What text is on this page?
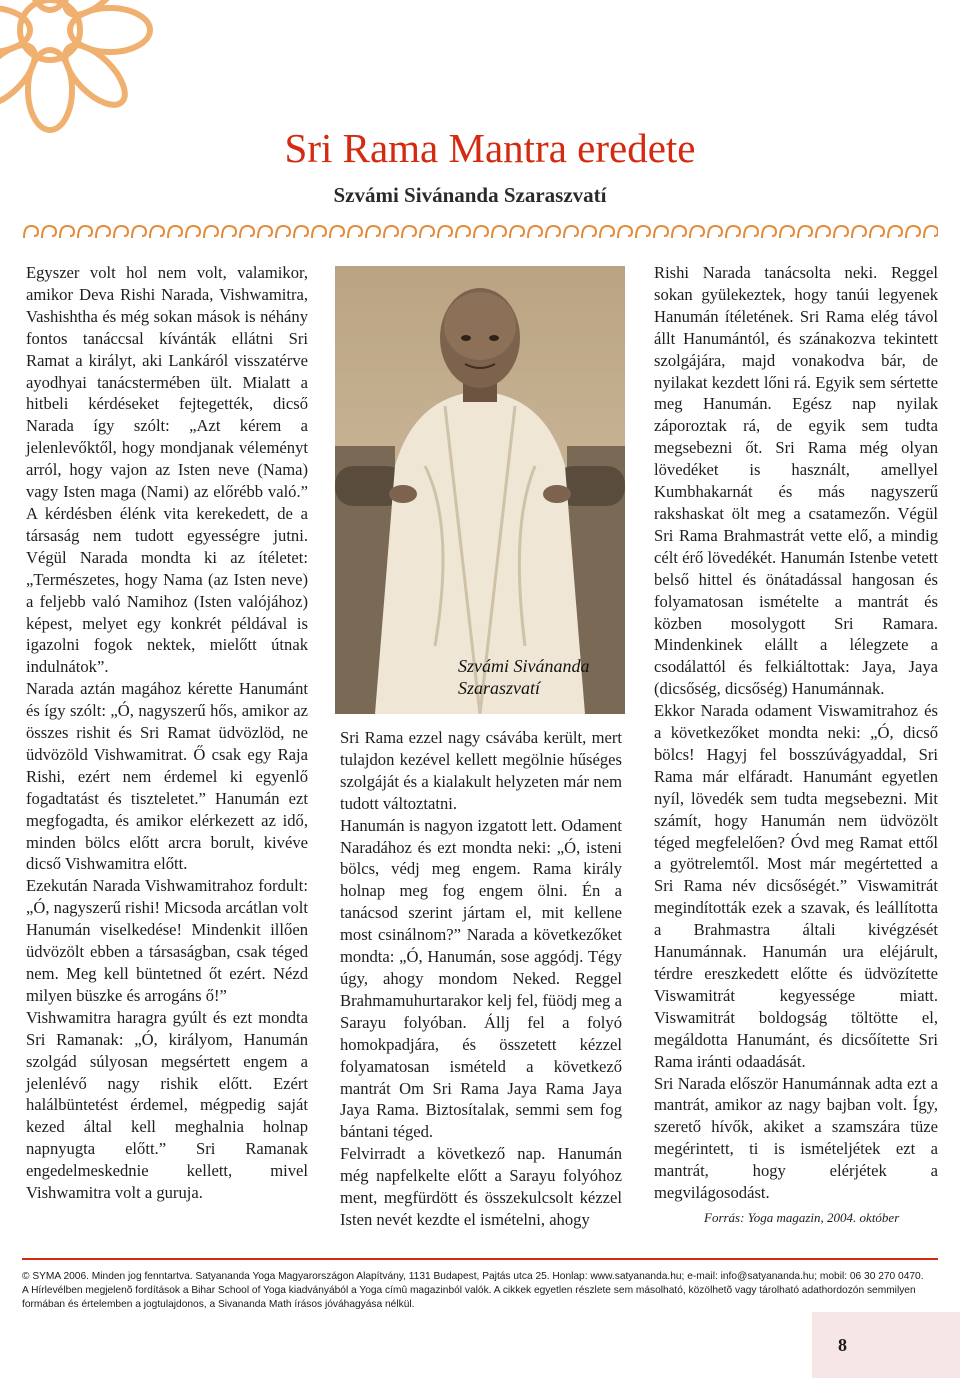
Sri Rama Mantra eredete
Szvámi Sivánanda Szaraszvatí

Egyszer volt hol nem volt, valamikor, amikor Deva Rishi Narada, Vishwamitra, Vashishtha és még sokan mások is néhány fontos tanáccsal kívánták ellátni Sri Ramat a királyt, aki Lankáról visszatérve ayodhyai tanácstermében ült. Mialatt a hitbeli kérdéseket fejtegették, dicső Narada így szólt: „Azt kérem a jelenlevőktől, hogy mondjanak véleményt arról, hogy vajon az Isten neve (Nama) vagy Isten maga (Nami) az előrébb való.” A kérdésben élénk vita kerekedett, de a társaság nem tudott egyességre jutni. Végül Narada mondta ki az ítéletet: „Természetes, hogy Nama (az Isten neve) a feljebb való Namihoz (Isten valójához) képest, melyet egy konkrét példával is igazolni fogok nektek, mielőtt útnak indulnátok”.

Narada aztán magához kérette Hanumánt és így szólt: „Ó, nagyszerű hős, amikor az összes rishit és Sri Ramat üdvözlöd, ne üdvözöld Vishwamitrat. Ő csak egy Raja Rishi, ezért nem érdemel ki egyenlő fogadtatást és tiszteletet.” Hanumán ezt megfogadta, és amikor elérkezett az idő, minden bölcs előtt arcra borult, kivéve dicső Vishwamitra előtt.

Ezekután Narada Vishwamitrahoz fordult: „Ó, nagyszerű rishi! Micsoda arcátlan volt Hanumán viselkedése! Mindenkit illően üdvözölt ebben a társaságban, csak téged nem. Meg kell büntetned őt ezért. Nézd milyen büszke és arrogáns ő!”

Vishwamitra haragra gyúlt és ezt mondta Sri Ramanak: „Ó, királyom, Hanumán szolgád súlyosan megsértett engem a jelenlévő nagy rishik előtt. Ezért halálbüntetést érdemel, mégpedig saját kezed által kell meghalnia holnap napnyugta előtt.” Sri Ramanak engedelmeskednie kellett, mivel Vishwamitra volt a guruja.

Szvámi Sivánanda
Szaraszvatí

Sri Rama ezzel nagy csávába került, mert tulajdon kezével kellett megölnie hűséges szolgáját és a kialakult helyzeten már nem tudott változtatni.

Hanumán is nagyon izgatott lett. Odament Naradához és ezt mondta neki: „Ó, isteni bölcs, védj meg engem. Rama király holnap meg fog engem ölni. Én a tanácsod szerint jártam el, mit kellene most csinálnom?” Narada a következőket mondta: „Ó, Hanumán, sose aggódj. Tégy úgy, ahogy mondom Neked. Reggel Brahmamuhurtarakor kelj fel, füödj meg a Sarayu folyóban. Állj fel a folyó homokpadjára, és összetett kézzel folyamatosan ismételd a következő mantrát Om Sri Rama Jaya Rama Jaya Jaya Rama. Biztosítalak, semmi sem fog bántani téged.

Felvirradt a következő nap. Hanumán még napfelkelte előtt a Sarayu folyóhoz ment, megfürdött és összekulcsolt kézzel Isten nevét kezdte el ismételni, ahogy

Rishi Narada tanácsolta neki. Reggel sokan gyülekeztek, hogy tanúi legyenek Hanumán ítéletének. Sri Rama elég távol állt Hanumántól, és szánakozva tekintett szolgájára, majd vonakodva bár, de nyilakat kezdett lőni rá. Egyik sem sértette meg Hanumán. Egész nap nyilak záporoztak rá, de egyik sem tudta megsebezni őt. Sri Rama még olyan lövedéket is használt, amellyel Kumbhakarnát és más nagyszerű rakshaskat ölt meg a csatamezőn. Végül Sri Rama Brahmastrát vette elő, a mindig célt érő lövedékét. Hanumán Istenbe vetett belső hittel és önátadással hangosan és folyamatosan ismételte a mantrát és közben mosolygott Sri Ramara. Mindenkinek elállt a lélegzete a csodálattól és felkiáltottak: Jaya, Jaya (dicsőség, dicsőség) Hanumánnak.

Ekkor Narada odament Viswamitrahoz és a következőket mondta neki: „Ó, dicső bölcs! Hagyj fel bosszúvágyaddal, Sri Rama már elfáradt. Hanumánt egyetlen nyíl, lövedék sem tudta megsebezni. Mit számít, hogy Hanumán nem üdvözölt téged megfelelően? Óvd meg Ramat ettől a gyötrelemtől. Most már megértetted a Sri Rama név dicsőségét.” Viswamitrát megindították ezek a szavak, és leállította a Brahmastra általi kivégzését Hanumánnak. Hanumán ura eléjárult, térdre ereszkedett előtte és üdvözítette Viswamitrát kegyessége miatt. Viswamitrát boldogság töltötte el, megáldotta Hanumánt, és dicsőítette Sri Rama iránti odaadását.

Sri Narada először Hanumánnak adta ezt a mantrát, amikor az nagy bajban volt. Így, szerető hívők, akiket a szamszára tüze megérintett, ti is ismételjétek ezt a mantrát, hogy elérjétek a megvilágosodást.

Forrás: Yoga magazin, 2004. október
© SYMA 2006. Minden jog fenntartva. Satyananda Yoga Magyarországon Alapítvány, 1131 Budapest, Pajtás utca 25. Honlap: www.satyananda.hu; e-mail: info@satyananda.hu; mobil: 06 30 270 0470.
A Hírlevélben megjelenõ fordítások a Bihar School of Yoga kiadványából a Yoga címû magazinból valók. A cikkek egyetlen részlete sem másolható, közölhetõ vagy tárolható adathordozón semmilyen formában és értelemben a jogtulajdonos, a Sivananda Math írásos jóváhagyása nélkül.
8
